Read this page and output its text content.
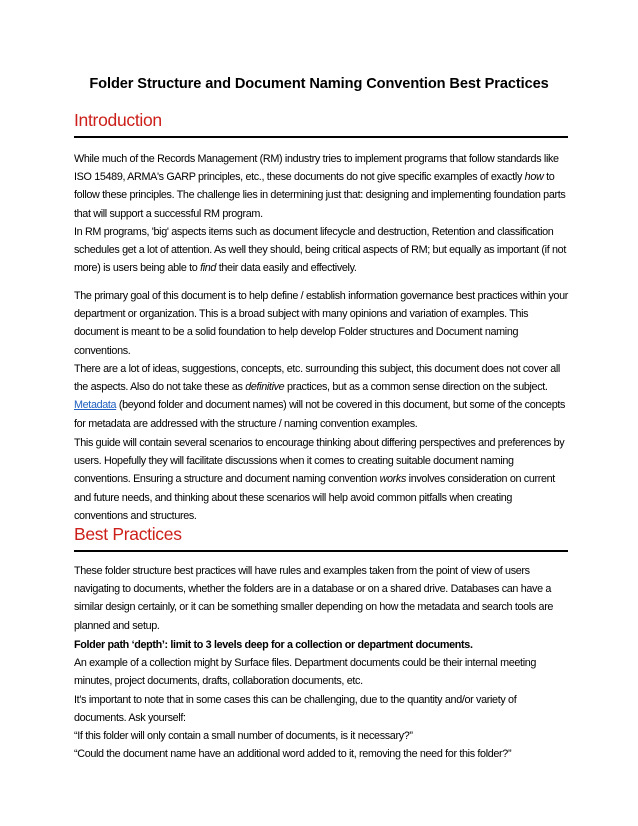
Folder Structure and Document Naming Convention Best Practices
Introduction

While much of the Records Management (RM) industry tries to implement programs that follow standards like ISO 15489, ARMA's GARP principles, etc., these documents do not give specific examples of exactly how to follow these principles. The challenge lies in determining just that: designing and implementing foundation parts that will support a successful RM program.

In RM programs, 'big' aspects items such as document lifecycle and destruction, Retention and classification schedules get a lot of attention. As well they should, being critical aspects of RM; but equally as important (if not more) is users being able to find their data easily and effectively.

The primary goal of this document is to help define / establish information governance best practices within your department or organization. This is a broad subject with many opinions and variation of examples. This document is meant to be a solid foundation to help develop Folder structures and Document naming conventions.

There are a lot of ideas, suggestions, concepts, etc. surrounding this subject, this document does not cover all the aspects. Also do not take these as definitive practices, but as a common sense direction on the subject. Metadata (beyond folder and document names) will not be covered in this document, but some of the concepts for metadata are addressed with the structure / naming convention examples.

This guide will contain several scenarios to encourage thinking about differing perspectives and preferences by users. Hopefully they will facilitate discussions when it comes to creating suitable document naming conventions. Ensuring a structure and document naming convention works involves consideration on current and future needs, and thinking about these scenarios will help avoid common pitfalls when creating conventions and structures.

Best Practices

These folder structure best practices will have rules and examples taken from the point of view of users navigating to documents, whether the folders are in a database or on a shared drive. Databases can have a similar design certainly, or it can be something smaller depending on how the metadata and search tools are planned and setup.

Folder path ‘depth’: limit to 3 levels deep for a collection or department documents.

An example of a collection might by Surface files. Department documents could be their internal meeting minutes, project documents, drafts, collaboration documents, etc.

It’s important to note that in some cases this can be challenging, due to the quantity and/or variety of documents. Ask yourself:

“If this folder will only contain a small number of documents, is it necessary?”

“Could the document name have an additional word added to it, removing the need for this folder?”
